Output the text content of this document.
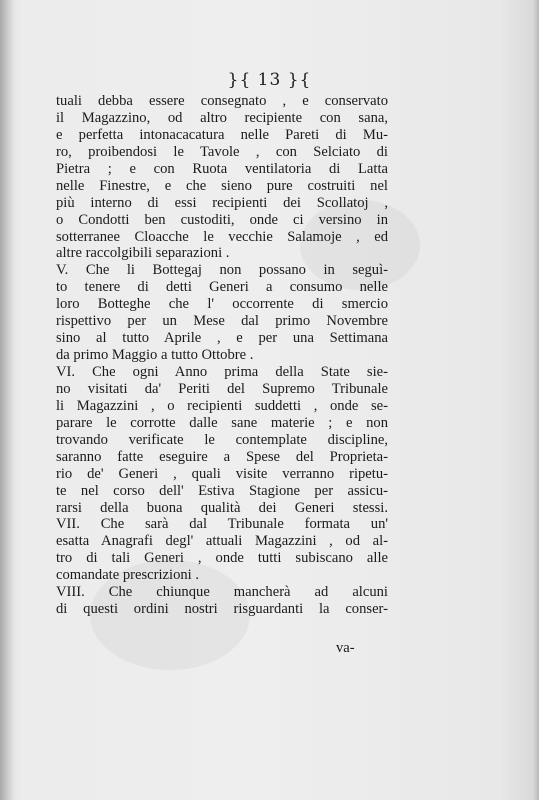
}{ 13 }{
tuali debba essere consegnato , e conservato
il Magazzino, od altro recipiente con sana,
e perfetta intonacacatura nelle Pareti di Mu-
ro, proibendosi le Tavole , con Selciato di
Pietra ; e con Ruota ventilatoria di Latta
nelle Finestre, e che sieno pure costruiti nel
più interno di essi recipienti dei Scollatoj ,
o Condotti ben custoditi, onde ci versino in
sotterranee Cloacche le vecchie Salamoje , ed
altre raccolgibili separazioni .
V. Che li Bottegaj non possano in seguì-
to tenere di detti Generi a consumo nelle
loro Botteghe che l' occorrente di smercio
rispettivo per un Mese dal primo Novembre
sino al tutto Aprile , e per una Settimana
da primo Maggio a tutto Ottobre .
VI. Che ogni Anno prima della State sie-
no visitati da' Periti del Supremo Tribunale
li Magazzini , o recipienti suddetti , onde se-
parare le corrotte dalle sane materie ; e non
trovando verificate le contemplate discipline,
saranno fatte eseguire a Spese del Proprieta-
rio de' Generi , quali visite verranno ripetu-
te nel corso dell' Estiva Stagione per assicu-
rarsi della buona qualità dei Generi stessi.
VII. Che sarà dal Tribunale formata un'
esatta Anagrafi degl' attuali Magazzini , od al-
tro di tali Generi , onde tutti subiscano alle
comandate prescrizioni .
VIII. Che chiunque mancherà ad alcuni
di questi ordini nostri risguardanti la conser-
va-
